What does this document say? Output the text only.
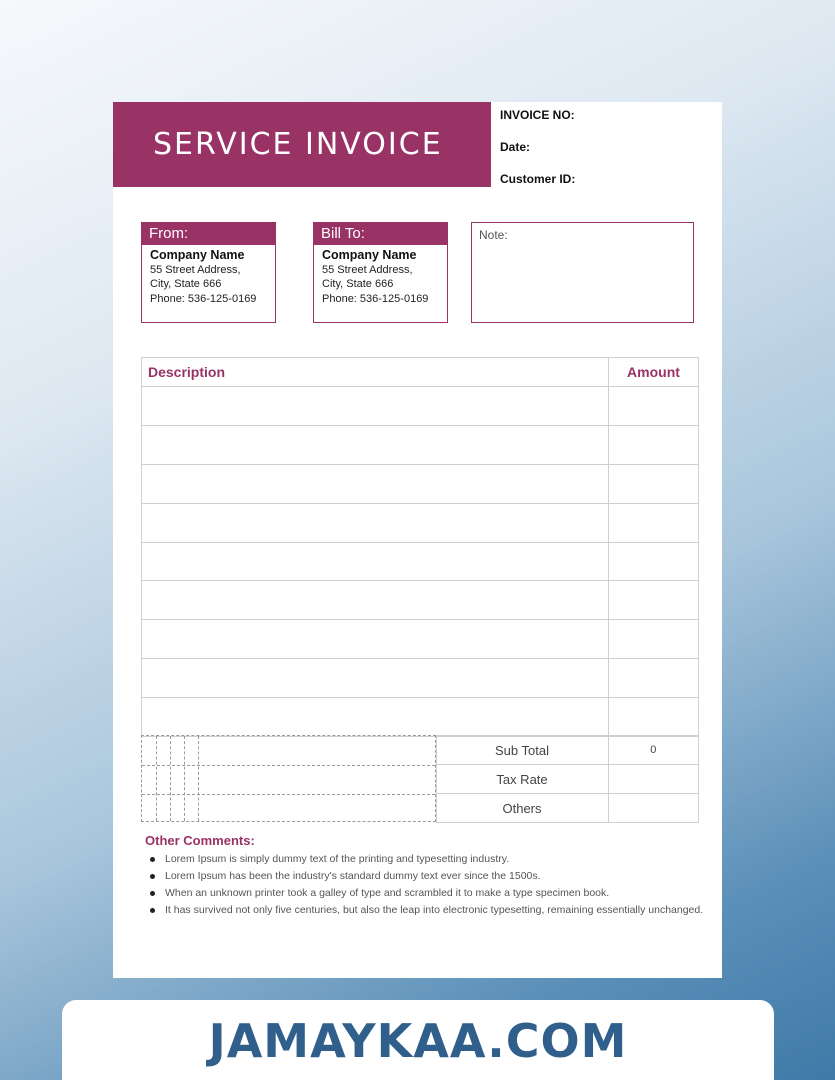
SERVICE INVOICE
INVOICE NO:
Date:
Customer ID:
From:
Company Name
55 Street Address,
City, State 666
Phone: 536-125-0169
Bill To:
Company Name
55 Street Address,
City, State 666
Phone: 536-125-0169
Note:
Description	Amount

	Sub Total	0
	Tax Rate	
	Others	
Other Comments:
Lorem Ipsum is simply dummy text of the printing and typesetting industry.
Lorem Ipsum has been the industry's standard dummy text ever since the 1500s.
When an unknown printer took a galley of type and scrambled it to make a type specimen book.
It has survived not only five centuries, but also the leap into electronic typesetting, remaining essentially unchanged.
JAMAYKAA.COM
